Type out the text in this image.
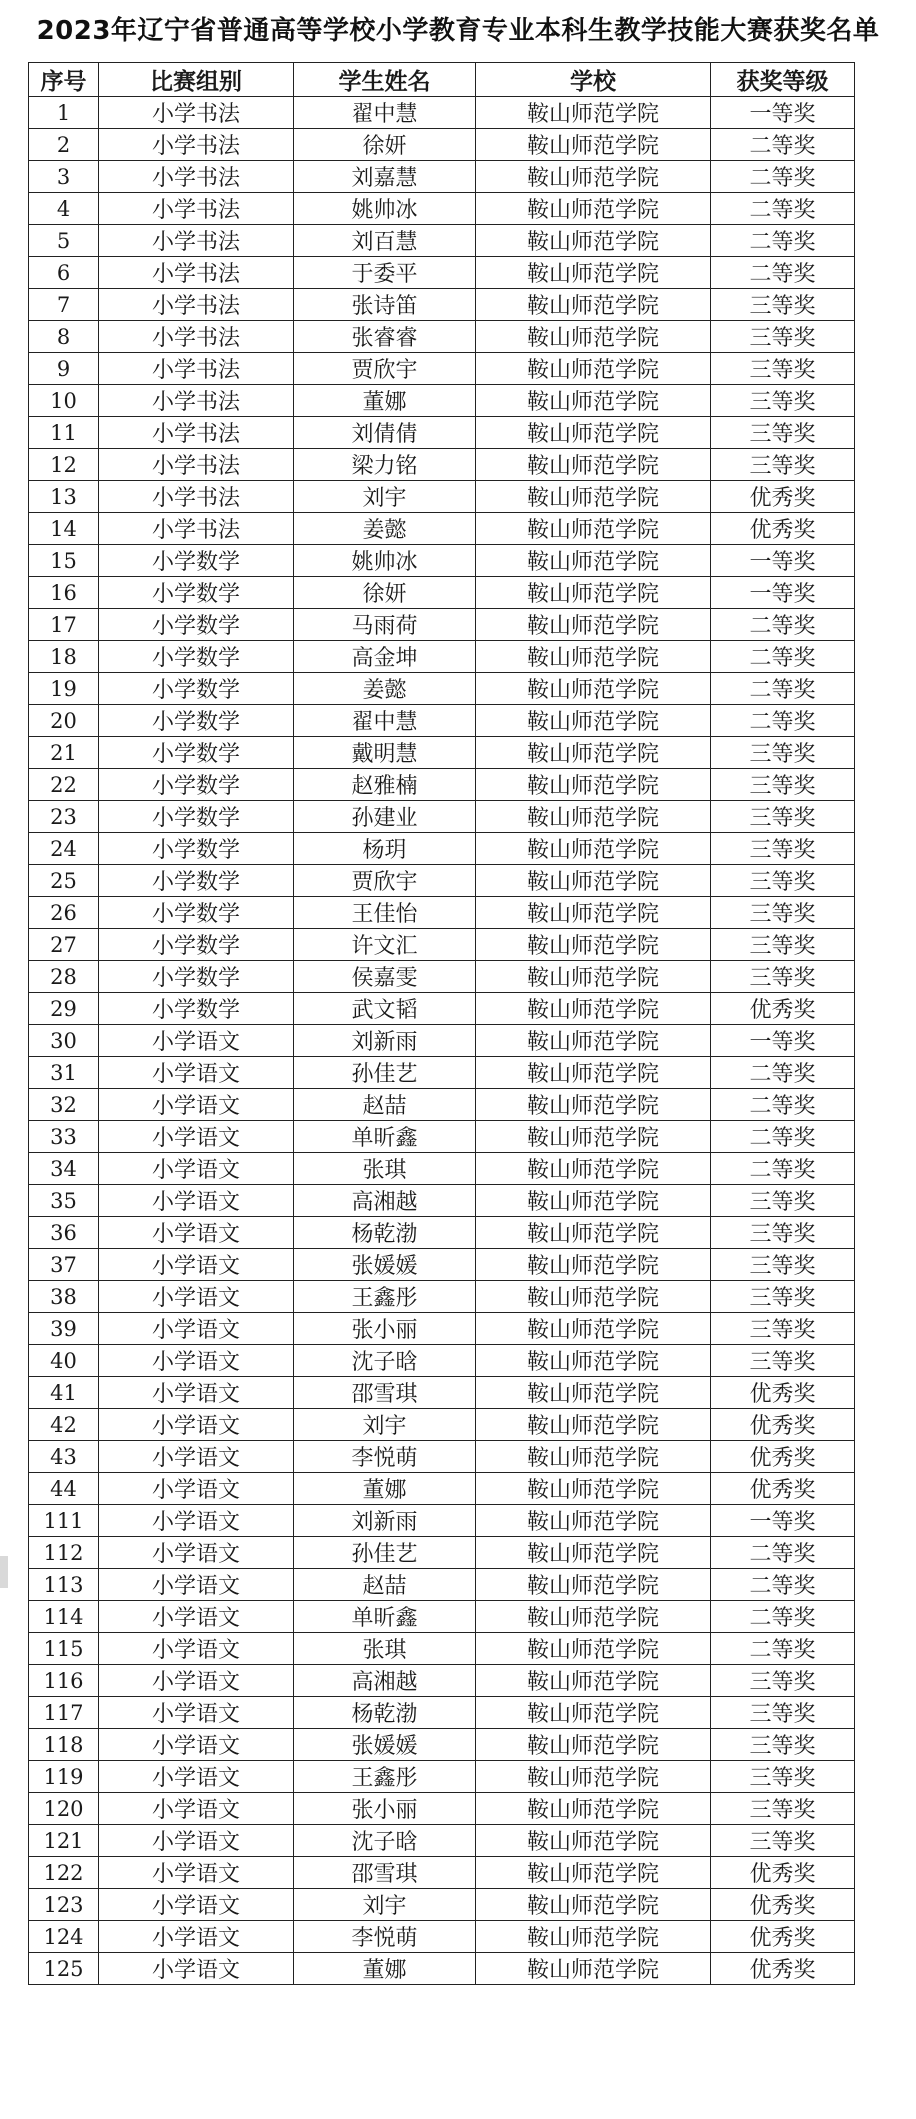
2023年辽宁省普通高等学校小学教育专业本科生教学技能大赛获奖名单
序号	比赛组别	学生姓名	学校	获奖等级
1	小学书法	翟中慧	鞍山师范学院	一等奖
2	小学书法	徐妍	鞍山师范学院	二等奖
3	小学书法	刘嘉慧	鞍山师范学院	二等奖
4	小学书法	姚帅冰	鞍山师范学院	二等奖
5	小学书法	刘百慧	鞍山师范学院	二等奖
6	小学书法	于委平	鞍山师范学院	二等奖
7	小学书法	张诗笛	鞍山师范学院	三等奖
8	小学书法	张睿睿	鞍山师范学院	三等奖
9	小学书法	贾欣宇	鞍山师范学院	三等奖
10	小学书法	董娜	鞍山师范学院	三等奖
11	小学书法	刘倩倩	鞍山师范学院	三等奖
12	小学书法	梁力铭	鞍山师范学院	三等奖
13	小学书法	刘宇	鞍山师范学院	优秀奖
14	小学书法	姜懿	鞍山师范学院	优秀奖
15	小学数学	姚帅冰	鞍山师范学院	一等奖
16	小学数学	徐妍	鞍山师范学院	一等奖
17	小学数学	马雨荷	鞍山师范学院	二等奖
18	小学数学	高金坤	鞍山师范学院	二等奖
19	小学数学	姜懿	鞍山师范学院	二等奖
20	小学数学	翟中慧	鞍山师范学院	二等奖
21	小学数学	戴明慧	鞍山师范学院	三等奖
22	小学数学	赵雅楠	鞍山师范学院	三等奖
23	小学数学	孙建业	鞍山师范学院	三等奖
24	小学数学	杨玥	鞍山师范学院	三等奖
25	小学数学	贾欣宇	鞍山师范学院	三等奖
26	小学数学	王佳怡	鞍山师范学院	三等奖
27	小学数学	许文汇	鞍山师范学院	三等奖
28	小学数学	侯嘉雯	鞍山师范学院	三等奖
29	小学数学	武文韬	鞍山师范学院	优秀奖
30	小学语文	刘新雨	鞍山师范学院	一等奖
31	小学语文	孙佳艺	鞍山师范学院	二等奖
32	小学语文	赵喆	鞍山师范学院	二等奖
33	小学语文	单昕鑫	鞍山师范学院	二等奖
34	小学语文	张琪	鞍山师范学院	二等奖
35	小学语文	高湘越	鞍山师范学院	三等奖
36	小学语文	杨乾渤	鞍山师范学院	三等奖
37	小学语文	张媛媛	鞍山师范学院	三等奖
38	小学语文	王鑫彤	鞍山师范学院	三等奖
39	小学语文	张小丽	鞍山师范学院	三等奖
40	小学语文	沈子晗	鞍山师范学院	三等奖
41	小学语文	邵雪琪	鞍山师范学院	优秀奖
42	小学语文	刘宇	鞍山师范学院	优秀奖
43	小学语文	李悦萌	鞍山师范学院	优秀奖
44	小学语文	董娜	鞍山师范学院	优秀奖
111	小学语文	刘新雨	鞍山师范学院	一等奖
112	小学语文	孙佳艺	鞍山师范学院	二等奖
113	小学语文	赵喆	鞍山师范学院	二等奖
114	小学语文	单昕鑫	鞍山师范学院	二等奖
115	小学语文	张琪	鞍山师范学院	二等奖
116	小学语文	高湘越	鞍山师范学院	三等奖
117	小学语文	杨乾渤	鞍山师范学院	三等奖
118	小学语文	张媛媛	鞍山师范学院	三等奖
119	小学语文	王鑫彤	鞍山师范学院	三等奖
120	小学语文	张小丽	鞍山师范学院	三等奖
121	小学语文	沈子晗	鞍山师范学院	三等奖
122	小学语文	邵雪琪	鞍山师范学院	优秀奖
123	小学语文	刘宇	鞍山师范学院	优秀奖
124	小学语文	李悦萌	鞍山师范学院	优秀奖
125	小学语文	董娜	鞍山师范学院	优秀奖
